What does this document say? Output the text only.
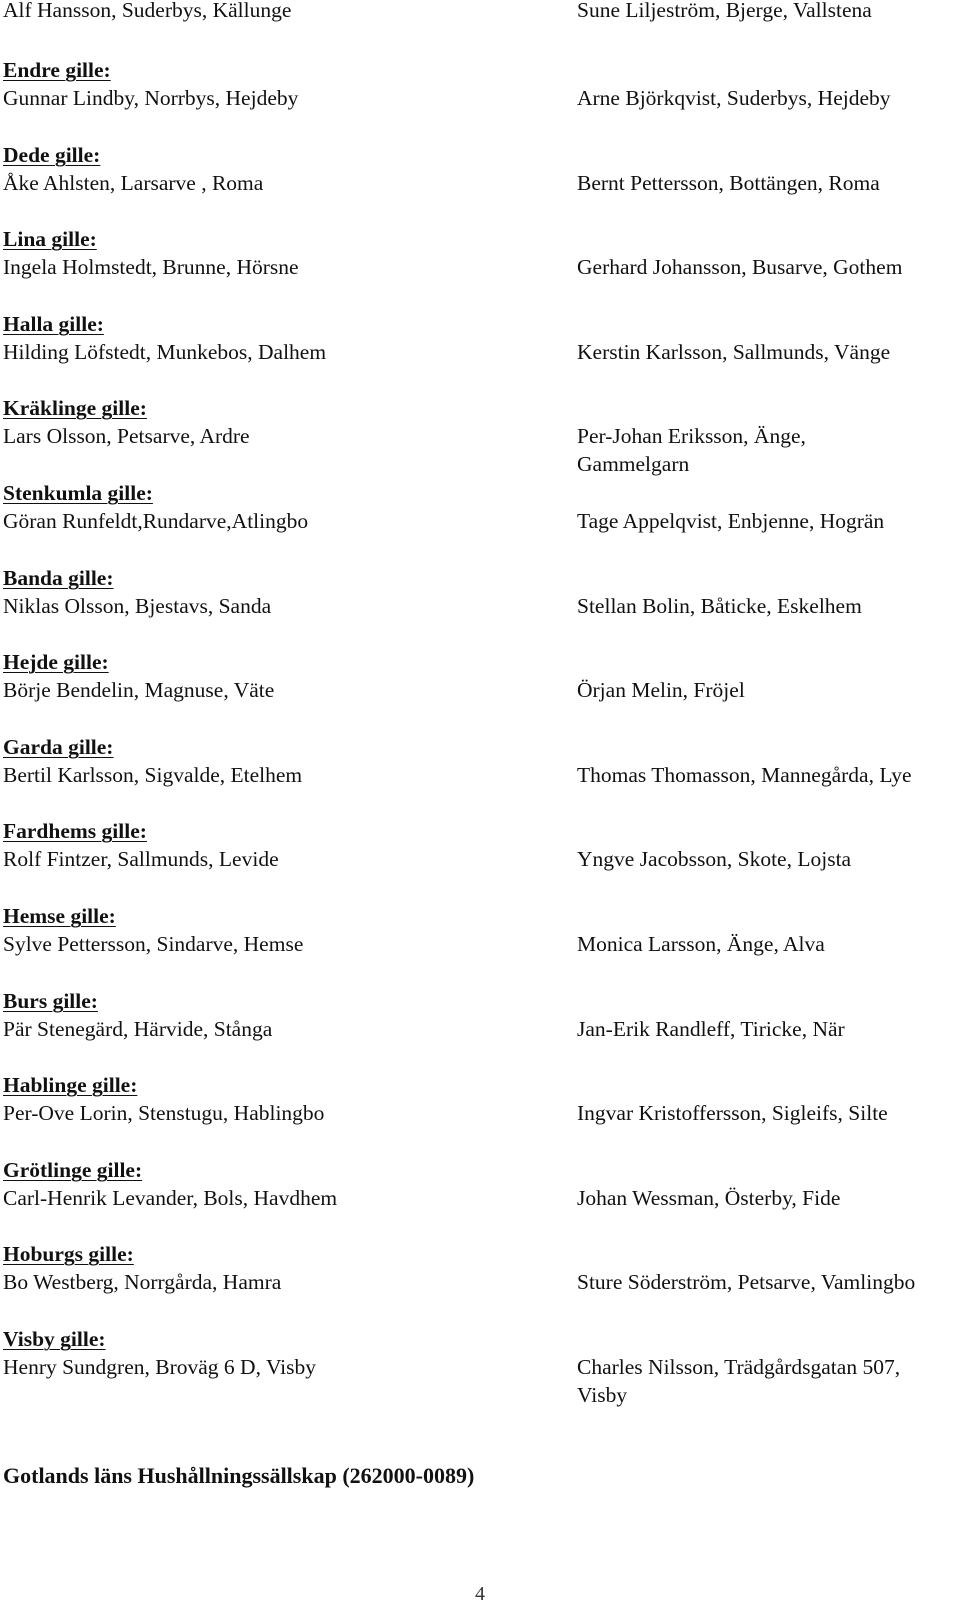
Alf Hansson, Suderbys, Källunge
Endre gille:
Gunnar Lindby, Norrbys, Hejdeby
Dede gille:
Åke Ahlsten, Larsarve , Roma
Lina gille:
Ingela Holmstedt, Brunne, Hörsne
Halla gille:
Hilding Löfstedt, Munkebos, Dalhem
Kräklinge gille:
Lars Olsson, Petsarve, Ardre
Stenkumla gille:
Göran Runfeldt,Rundarve,Atlingbo
Banda gille:
Niklas Olsson, Bjestavs, Sanda
Hejde gille:
Börje Bendelin, Magnuse, Väte
Garda gille:
Bertil Karlsson, Sigvalde, Etelhem
Fardhems gille:
Rolf Fintzer, Sallmunds, Levide
Hemse gille:
Sylve Pettersson, Sindarve, Hemse
Burs gille:
Pär Stenegärd, Härvide, Stånga
Hablinge gille:
Per-Ove Lorin, Stenstugu, Hablingbo
Grötlinge gille:
Carl-Henrik Levander, Bols, Havdhem
Hoburgs gille:
Bo Westberg, Norrgårda, Hamra
Visby gille:
Henry Sundgren, Broväg 6 D, Visby
Sune Liljeström, Bjerge, Vallstena
Arne Björkqvist, Suderbys, Hejdeby
Bernt Pettersson, Bottängen, Roma
Gerhard Johansson, Busarve, Gothem
Kerstin Karlsson, Sallmunds, Vänge
Per-Johan Eriksson, Änge,
Gammelgarn
Tage Appelqvist, Enbjenne, Hogrän
Stellan Bolin, Båticke, Eskelhem
Örjan Melin, Fröjel
Thomas Thomasson, Mannegårda, Lye
Yngve Jacobsson, Skote, Lojsta
Monica Larsson, Änge, Alva
Jan-Erik Randleff, Tiricke, När
Ingvar Kristoffersson, Sigleifs, Silte
Johan Wessman, Österby, Fide
Sture Söderström, Petsarve, Vamlingbo
Charles Nilsson, Trädgårdsgatan 507,
Visby
Gotlands läns Hushållningssällskap (262000-0089)
4
